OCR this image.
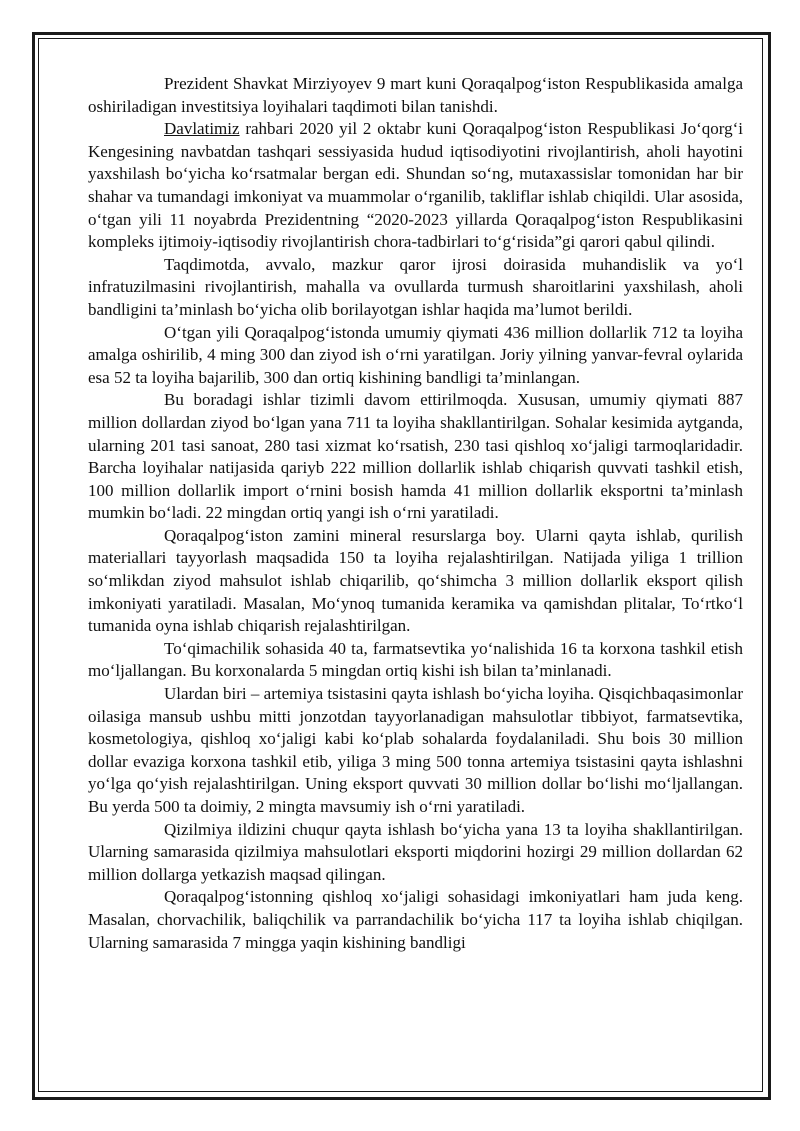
Prezident Shavkat Mirziyoyev 9 mart kuni Qoraqalpog‘iston Respublikasida amalga oshiriladigan investitsiya loyihalari taqdimoti bilan tanishdi.

Davlatimiz rahbari 2020 yil 2 oktabr kuni Qoraqalpog‘iston Respublikasi Jo‘qorg‘i Kengesining navbatdan tashqari sessiyasida hudud iqtisodiyotini rivojlantirish, aholi hayotini yaxshilash bo‘yicha ko‘rsatmalar bergan edi. Shundan so‘ng, mutaxassislar tomonidan har bir shahar va tumandagi imkoniyat va muammolar o‘rganilib, takliflar ishlab chiqildi. Ular asosida, o‘tgan yili 11 noyabrda Prezidentning “2020-2023 yillarda Qoraqalpog‘iston Respublikasini kompleks ijtimoiy-iqtisodiy rivojlantirish chora-tadbirlari to‘g‘risida”gi qarori qabul qilindi.

Taqdimotda, avvalo, mazkur qaror ijrosi doirasida muhandislik va yo‘l infratuzilmasini rivojlantirish, mahalla va ovullarda turmush sharoitlarini yaxshilash, aholi bandligini ta’minlash bo‘yicha olib borilayotgan ishlar haqida ma’lumot berildi.

O‘tgan yili Qoraqalpog‘istonda umumiy qiymati 436 million dollarlik 712 ta loyiha amalga oshirilib, 4 ming 300 dan ziyod ish o‘rni yaratilgan. Joriy yilning yanvar-fevral oylarida esa 52 ta loyiha bajarilib, 300 dan ortiq kishining bandligi ta’minlangan.

Bu boradagi ishlar tizimli davom ettirilmoqda. Xususan, umumiy qiymati 887 million dollardan ziyod bo‘lgan yana 711 ta loyiha shakllantirilgan. Sohalar kesimida aytganda, ularning 201 tasi sanoat, 280 tasi xizmat ko‘rsatish, 230 tasi qishloq xo‘jaligi tarmoqlaridadir. Barcha loyihalar natijasida qariyb 222 million dollarlik ishlab chiqarish quvvati tashkil etish, 100 million dollarlik import o‘rnini bosish hamda 41 million dollarlik eksportni ta’minlash mumkin bo‘ladi. 22 mingdan ortiq yangi ish o‘rni yaratiladi.

Qoraqalpog‘iston zamini mineral resurslarga boy. Ularni qayta ishlab, qurilish materiallari tayyorlash maqsadida 150 ta loyiha rejalashtirilgan. Natijada yiliga 1 trillion so‘mlikdan ziyod mahsulot ishlab chiqarilib, qo‘shimcha 3 million dollarlik eksport qilish imkoniyati yaratiladi. Masalan, Mo‘ynoq tumanida keramika va qamishdan plitalar, To‘rtko‘l tumanida oyna ishlab chiqarish rejalashtirilgan.

To‘qimachilik sohasida 40 ta, farmatsevtika yo‘nalishida 16 ta korxona tashkil etish mo‘ljallangan. Bu korxonalarda 5 mingdan ortiq kishi ish bilan ta’minlanadi.

Ulardan biri – artemiya tsistasini qayta ishlash bo‘yicha loyiha. Qisqichbaqasimonlar oilasiga mansub ushbu mitti jonzotdan tayyorlanadigan mahsulotlar tibbiyot, farmatsevtika, kosmetologiya, qishloq xo‘jaligi kabi ko‘plab sohalarda foydalaniladi. Shu bois 30 million dollar evaziga korxona tashkil etib, yiliga 3 ming 500 tonna artemiya tsistasini qayta ishlashni yo‘lga qo‘yish rejalashtirilgan. Uning eksport quvvati 30 million dollar bo‘lishi mo‘ljallangan. Bu yerda 500 ta doimiy, 2 mingta mavsumiy ish o‘rni yaratiladi.

Qizilmiya ildizini chuqur qayta ishlash bo‘yicha yana 13 ta loyiha shakllantirilgan. Ularning samarasida qizilmiya mahsulotlari eksporti miqdorini hozirgi 29 million dollardan 62 million dollarga yetkazish maqsad qilingan.

Qoraqalpog‘istonning qishloq xo‘jaligi sohasidagi imkoniyatlari ham juda keng. Masalan, chorvachilik, baliqchilik va parrandachilik bo‘yicha 117 ta loyiha ishlab chiqilgan. Ularning samarasida 7 mingga yaqin kishining bandligi
